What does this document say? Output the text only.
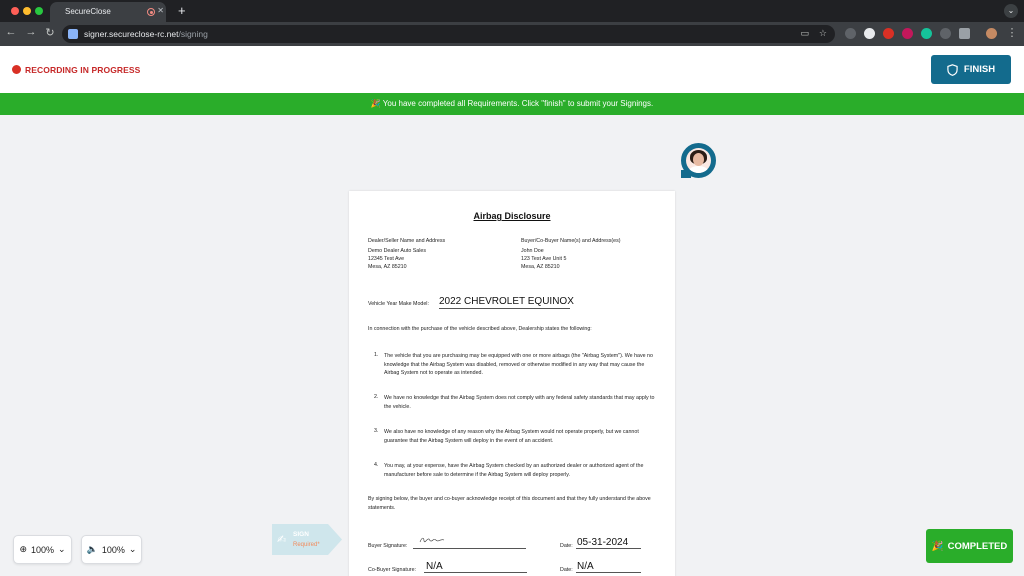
SecureClose	✕ +	⌄
← → ↻	signer.secureclose-rc.net/signing	▭ ☆	⋮
RECORDING IN PROGRESS	FINISH
🎉 You have completed all Requirements. Click "finish" to submit your Signings.
Airbag Disclosure
Dealer/Seller Name and Address
Demo Dealer Auto Sales
12345 Test Ave
Mesa, AZ 85210
Buyer/Co-Buyer Name(s) and Address(es)
John Doe
123 Test Ave Unit 5
Mesa, AZ 85210
Vehicle Year Make Model: 2022 CHEVROLET EQUINOX
In connection with the purchase of the vehicle described above, Dealership states the following:
1. The vehicle that you are purchasing may be equipped with one or more airbags (the "Airbag System"). We have no knowledge that the Airbag System was disabled, removed or otherwise modified in any way that may cause the Airbag System not to operate as intended.
2. We have no knowledge that the Airbag System does not comply with any federal safety standards that may apply to the vehicle.
3. We also have no knowledge of any reason why the Airbag System would not operate properly, but we cannot guarantee that the Airbag System will deploy in the event of an accident.
4. You may, at your expense, have the Airbag System checked by an authorized dealer or authorized agent of the manufacturer before sale to determine if the Airbag System will deploy properly.
By signing below, the buyer and co-buyer acknowledge receipt of this document and that they fully understand the above statements.
Buyer Signature:	Date: 05-31-2024
Co-Buyer Signature: N/A	Date: N/A
✍ SIGN
Required*
⊕ 100% ⌄ 🔈 100% ⌄	🎉 COMPLETED
